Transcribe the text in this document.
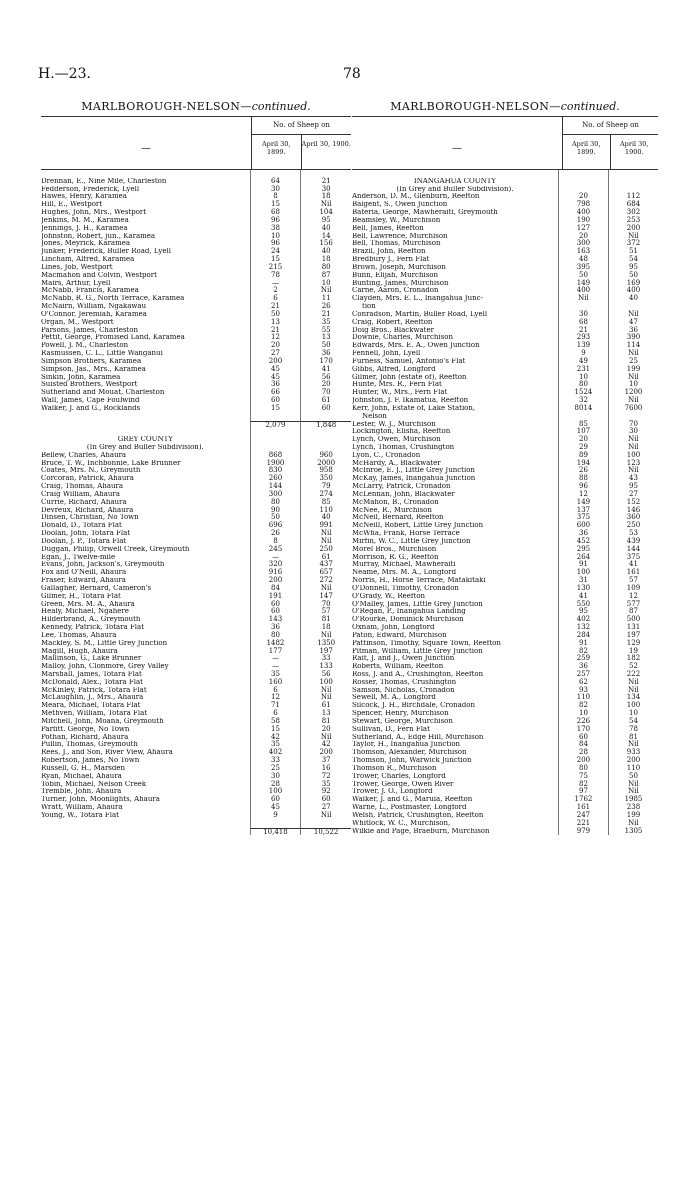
H.—23.	78
MARLBOROUGH-NELSON—continued.
—
No. of Sheep on
April 30, 1899.
April 30, 1900.
Drennan, E., Nine Mile, Charleston	64	21
Fedderson, Frederick, Lyell	30	30
Hawes, Henry, Karamea	8	18
Hill, E., Westport	15	Nil
Hughes, John, Mrs., Westport	68	104
Jenkins, M. M., Karamea	96	95
Jennings, J. H., Karamea	38	40
Johnston, Robert, jun., Karamea	10	14
Jones, Meyrick, Karamea	96	156
Junker, Frederick, Buller Road, Lyell	24	40
Lincham, Alfred, Karamea	15	18
Lines, Job, Westport	215	80
Macmahon and Colvin, Westport	78	87
Mairs, Arthur, Lyell	—	10
McNabb, Francis, Karamea	2	Nil
McNabb, R. G., North Terrace, Karamea	6	11
McNairn, William, Ngakawau	21	26
O'Connor, Jeremiah, Karamea	50	21
Organ, M., Westport	13	35
Parsons, James, Charleston	21	55
Pettit, George, Promised Land, Karamea	12	13
Powell, J. M., Charleston	20	50
Rasmussen, C. L., Little Wanganui	27	36
Simpson Brothers, Karamea	200	170
Simpson, Jas., Mrs., Karamea	45	41
Sinkin, John, Karamea	45	56
Suisted Brothers, Westport	36	20
Sutherland and Mouat, Charleston	66	70
Wall, James, Cape Foulwind	60	61
Walker, J. and G., Rocklands	15	60
2,079	1,848
GREY COUNTY
(In Grey and Buller Subdivision).
Bellew, Charles, Ahaura	868	960
Bruce, T. W., Inchbonnie, Lake Brunner	1900	2000
Coates, Mrs. N., Greymouth	830	958
Corcoran, Patrick, Ahaura	260	350
Craig, Thomas, Ahaura	144	79
Craig William, Ahaura	300	274
Currie, Richard, Ahaura	80	85
Devreux, Richard, Ahaura	90	110
Dinsen, Christian, No Town	50	40
Donald, D., Totara Flat	696	991
Doolan, John, Totara Flat	26	Nil
Doolan, J. P., Totara Flat	8	Nil
Duggan, Philip, Orwell Creek, Greymouth	245	250
Egan, J., Twelve-mile	—	61
Evans, John, Jackson's, Greymouth	320	437
Fox and O'Neill, Ahaura	916	657
Fraser, Edward, Ahaura	200	272
Gallagher, Bernard, Cameron's	84	Nil
Gilmer, H., Totara Flat	191	147
Green, Mrs. M. A., Ahaura	60	70
Healy, Michael, Ngahere	60	57
Hilderbrand, A., Greymouth	143	81
Kennedy, Patrick, Totara Flat	36	18
Lee, Thomas, Ahaura	80	Nil
Mackley, S. M., Little Grey Junction	1482	1350
Magill, Hugh, Ahaura	177	197
Mallinson, G., Lake Brunner	—	33
Malloy, John, Clonmore, Grey Valley	—	133
Marshall, James, Totara Flat	35	56
McDonald, Alex., Totara Flat	160	100
McKinley, Patrick, Totara Flat	6	Nil
McLaughlin, J., Mrs., Ahaura	12	Nil
Meara, Michael, Totara Flat	71	61
Methven, William, Totara Flat	6	13
Mitchell, John, Moana, Greymouth	58	81
Parfitt. George, No Town	15	20
Pothan, Richard, Ahaura	42	Nil
Pullin, Thomas, Greymouth	35	42
Rees, J., and Son, River View, Ahaura	402	200
Robertson, James, No Town	33	37
Russell, G. H., Marsden	25	16
Ryan, Michael, Ahaura	30	72
Tobin, Michael, Nelson Creek	28	35
Tremble, John, Ahaura	100	92
Turner, John, Moonlights, Ahaura	60	60
Wratt, William, Ahaura	45	27
Young, W., Totara Flat	9	Nil
10,418	10,522
MARLBOROUGH-NELSON—continued.
—
No. of Sheep on
April 30, 1899.
April 30, 1900.
INANGAHUA COUNTY
(In Grey and Buller Subdivision).
Anderson, D. M., Glenburn, Reefton	20	112
Baigent, S., Owen Junction	798	684
Bateria, George, Mawheraiti, Greymouth	400	302
Beamsley, W., Murchison	190	253
Bell, James, Reefton	127	200
Bell, Lawrence, Murchison	20	Nil
Bell, Thomas, Murchison	300	372
Brazil, John, Reefton	163	51
Bredbury J., Fern Flat	48	54
Brown, Joseph, Murchison	395	95
Bunn, Elijah, Murchison	50	50
Bunting, James, Murchison	149	169
Carne, Aaron, Cronadon	400	400
Clayden, Mrs. E. L., Inangahua Junc-	Nil	40
tion
Conradson, Martin, Buller Road, Lyell	30	Nil
Craig, Robert, Reefton	68	47
Doig Bros., Blackwater	21	36
Downie, Charles, Murchison	293	390
Edwards, Mrs. E. A., Owen Junction	139	114
Fennell, John, Lyell	9	Nil
Furness, Samuel, Antonio's Flat	49	25
Gibbs, Alfred, Longford	231	199
Gilmer, John (estate of), Reefton	10	Nil
Hunte, Mrs. R., Fern Flat	80	10
Hunter, W., Mrs., Fern Flat	1524	1200
Johnston, J. F. Ikamatua, Reefton	32	Nil
Kerr, John, Estate of, Lake Station,	8014	7600
Nelson
Lester, W. J., Murchison	85	70
Lockington, Elisha, Reefton	107	30
Lynch, Owen, Murchison	20	Nil
Lynch, Thomas, Crushington	29	Nil
Lyon, C., Cronadon	89	100
McHardy, A., Blackwater	194	123
McInroe, E. J., Little Grey Junction	26	Nil
McKay, James, Inangahua Junction	88	43
McLarry, Patrick, Cronadon	96	95
McLennan, John, Blackwater	12	27
McMahon, B., Cronadon	149	152
McNee, R., Murchison	137	146
McNeil, Bernard, Reefton	375	360
McNeill, Robert, Little Grey Junction	600	250
McWha, Frank, Horse Terrace	36	53
Mirfin, W. C., Little Grey Junction	452	439
Morel Bros., Murchison	295	144
Morrison, R. G., Reefton	264	375
Murray, Michael, Mawheraiti	91	41
Neame, Mrs. M. A., Longford	100	161
Norris, H., Horse Terrace, Matakitaki	31	57
O'Donnell, Timothy, Cronadon	130	109
O'Grady, W., Reefton	41	12
O'Malley, James, Little Grey Junction	550	577
O'Regan, P., Inangahua Landing	95	87
O'Rourke, Dominick Murchison	402	500
Oxnam, John, Longford	132	131
Paton, Edward, Murchison	284	197
Pattinson, Timothy, Square Town, Reefton	91	129
Pitman, William, Little Grey Junction	82	19
Rait, J. and J., Owen Junction	259	182
Roberts, William, Reefton	36	52
Ross, J. and A., Crushington, Reefton	257	222
Rosser, Thomas, Crushington	62	Nil
Samson, Nicholas, Cronadon	93	Nil
Sewell, M. A., Longford	110	134
Silcock, J. H., Birchdale, Cronadon	82	100
Spencer, Henry, Murchison	10	10
Stewart, George, Murchison	226	54
Sullivan, D., Fern Flat	170	78
Sutherland, A., Edge Hill, Murchison	60	81
Taylor, H., Inangahua Junction	84	Nil
Thomson, Alexander, Murchison	28	933
Thomson, John, Warwick Junction	200	200
Thomson R., Murchison	80	110
Trower, Charles, Longford	75	50
Trower, George, Owen River	82	Nil
Trower, J. O., Longford	97	Nil
Walker, J. and G., Maruia, Reefton	1762	1985
Warne, L., Postmaster, Longford	161	238
Welsh, Patrick, Crushington, Reefton	247	199
Whitlock, W. C., Murchison,	221	Nil
Wilkie and Page, Braeburn, Murchison	979	1305
